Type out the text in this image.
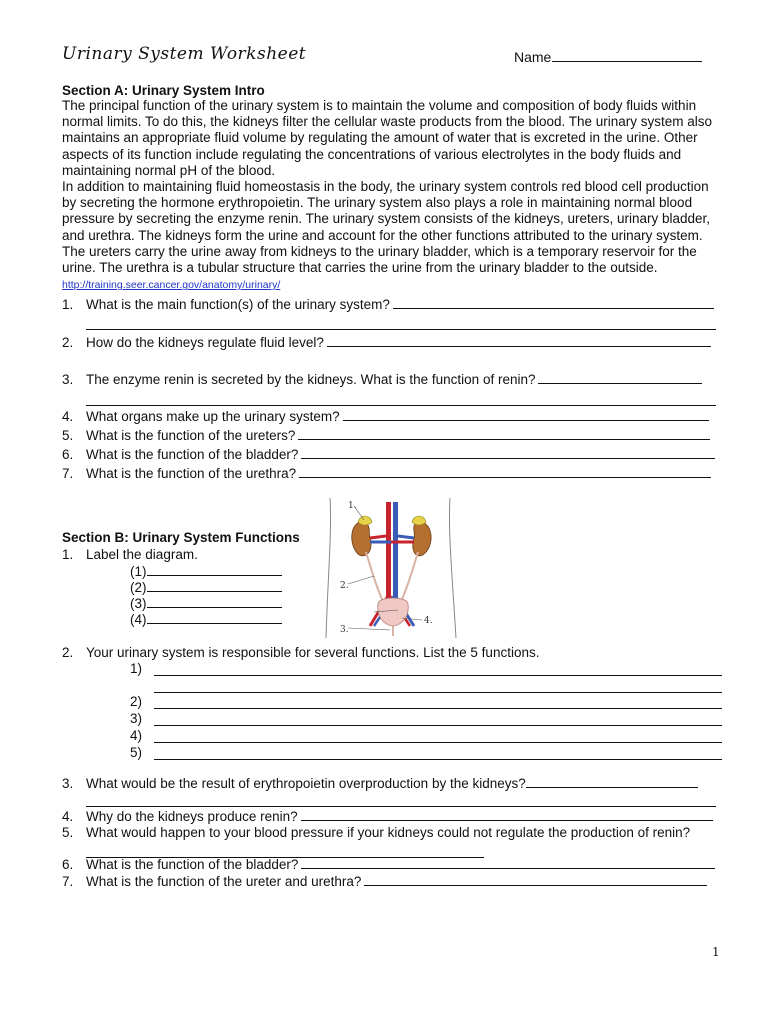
Urinary System Worksheet	Name
Section A: Urinary System Intro

The principal function of the urinary system is to maintain the volume and composition of body fluids within normal limits. To do this, the kidneys filter the cellular waste products from the blood. The urinary system also maintains an appropriate fluid volume by regulating the amount of water that is excreted in the urine. Other aspects of its function include regulating the concentrations of various electrolytes in the body fluids and maintaining normal pH of the blood.

In addition to maintaining fluid homeostasis in the body, the urinary system controls red blood cell production by secreting the hormone erythropoietin. The urinary system also plays a role in maintaining normal blood pressure by secreting the enzyme renin. The urinary system consists of the kidneys, ureters, urinary bladder, and urethra. The kidneys form the urine and account for the other functions attributed to the urinary system. The ureters carry the urine away from kidneys to the urinary bladder, which is a temporary reservoir for the urine. The urethra is a tubular structure that carries the urine from the urinary bladder to the outside. http://training.seer.cancer.gov/anatomy/urinary/

1. What is the main function(s) of the urinary system?
2. How do the kidneys regulate fluid level?
3. The enzyme renin is secreted by the kidneys. What is the function of renin?
4. What organs make up the urinary system?
5. What is the function of the ureters?
6. What is the function of the bladder?
7. What is the function of the urethra?
Section B: Urinary System Functions
1. Label the diagram.
(1)
(2)
(3)
(4)
1.
2.
3.
4.
2. Your urinary system is responsible for several functions. List the 5 functions.
1)
2)
3)
4)
5)
3. What would be the result of erythropoietin overproduction by the kidneys?
4. Why do the kidneys produce renin?
5. What would happen to your blood pressure if your kidneys could not regulate the production of renin?
6. What is the function of the bladder?
7. What is the function of the ureter and urethra?
1
